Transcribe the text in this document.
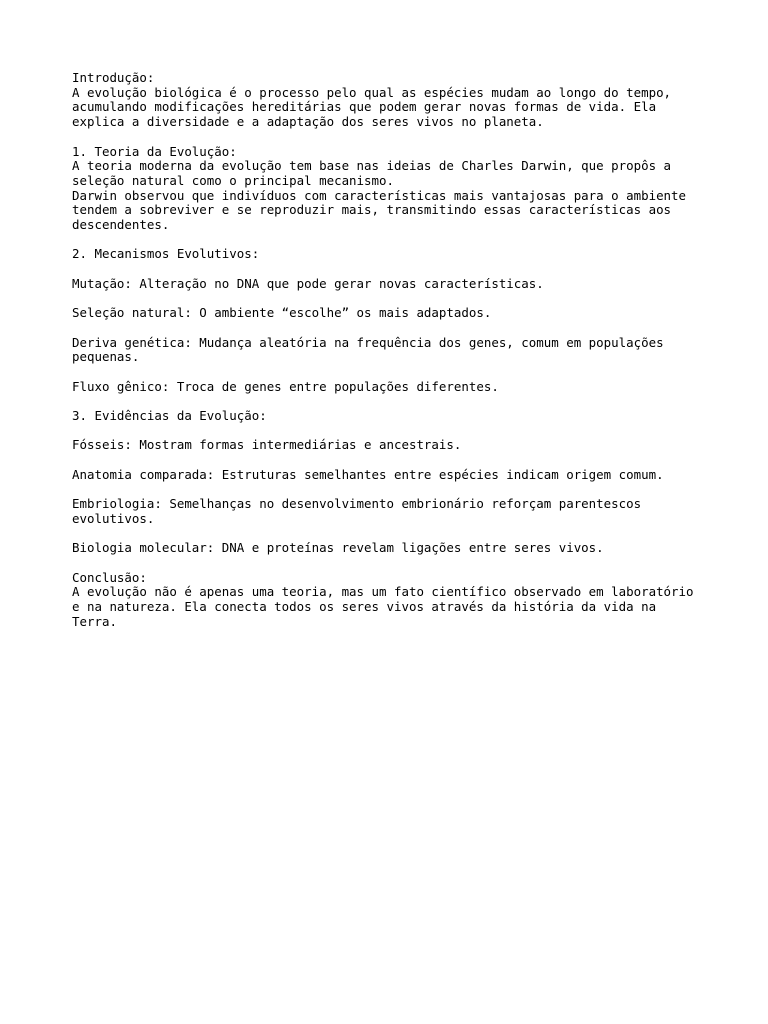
Introdução:
A evolução biológica é o processo pelo qual as espécies mudam ao longo do tempo,
acumulando modificações hereditárias que podem gerar novas formas de vida. Ela
explica a diversidade e a adaptação dos seres vivos no planeta.
1. Teoria da Evolução:
A teoria moderna da evolução tem base nas ideias de Charles Darwin, que propôs a
seleção natural como o principal mecanismo.
Darwin observou que indivíduos com características mais vantajosas para o ambiente
tendem a sobreviver e se reproduzir mais, transmitindo essas características aos
descendentes.
2. Mecanismos Evolutivos:
Mutação: Alteração no DNA que pode gerar novas características.
Seleção natural: O ambiente “escolhe” os mais adaptados.
Deriva genética: Mudança aleatória na frequência dos genes, comum em populações
pequenas.
Fluxo gênico: Troca de genes entre populações diferentes.
3. Evidências da Evolução:
Fósseis: Mostram formas intermediárias e ancestrais.
Anatomia comparada: Estruturas semelhantes entre espécies indicam origem comum.
Embriologia: Semelhanças no desenvolvimento embrionário reforçam parentescos
evolutivos.
Biologia molecular: DNA e proteínas revelam ligações entre seres vivos.
Conclusão:
A evolução não é apenas uma teoria, mas um fato científico observado em laboratório
e na natureza. Ela conecta todos os seres vivos através da história da vida na
Terra.
